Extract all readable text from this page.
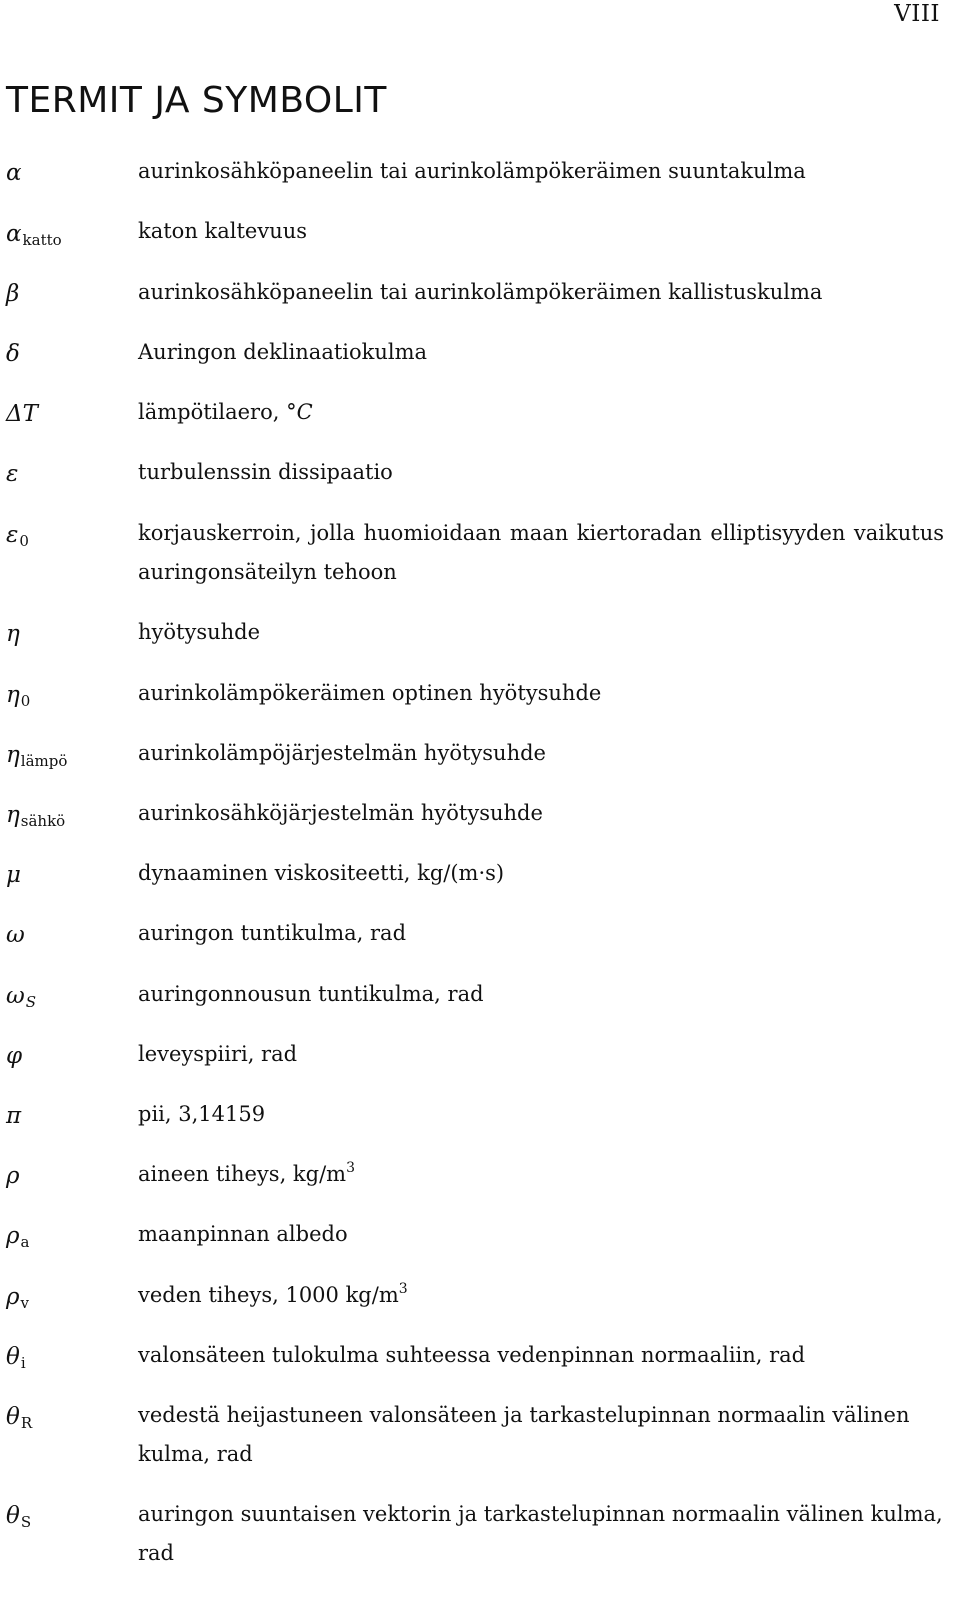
VIII
TERMIT JA SYMBOLIT
α	aurinkosähköpaneelin tai aurinkolämpökeräimen suuntakulma

$\alpha_{katto}$	katon kaltevuus

β	aurinkosähköpaneelin tai aurinkolämpökeräimen kallistuskulma

δ	Auringon deklinaatiokulma

ΔT	lämpötilaero, °C

ε	turbulenssin dissipaatio

$\varepsilon_0$	korjauskerroin, jolla huomioidaan maan kiertoradan elliptisyyden vaikutus auringonsäteilyn tehoon

η	hyötysuhde

$\eta_0$	aurinkolämpökeräimen optinen hyötysuhde

$\eta_{lämpö}$	aurinkolämpöjärjestelmän hyötysuhde

$\eta_{sähkö}$	aurinkosähköjärjestelmän hyötysuhde

μ	dynaaminen viskositeetti, kg/(m·s)

ω	auringon tuntikulma, rad

$\omega_S$	auringonnousun tuntikulma, rad

φ	leveyspiiri, rad

π	pii, 3,14159

ρ	aineen tiheys, $kg/m^3$

$\rho_a$	maanpinnan albedo

$\rho_v$	veden tiheys, 1000 $kg/m^3$

$\theta_i$	valonsäteen tulokulma suhteessa vedenpinnan normaaliin, rad

$\theta_R$	vedestä heijastuneen valonsäteen ja tarkastelupinnan normaalin välinen kulma, rad

$\theta_S$	auringon suuntaisen vektorin ja tarkastelupinnan normaalin välinen kulma, rad
